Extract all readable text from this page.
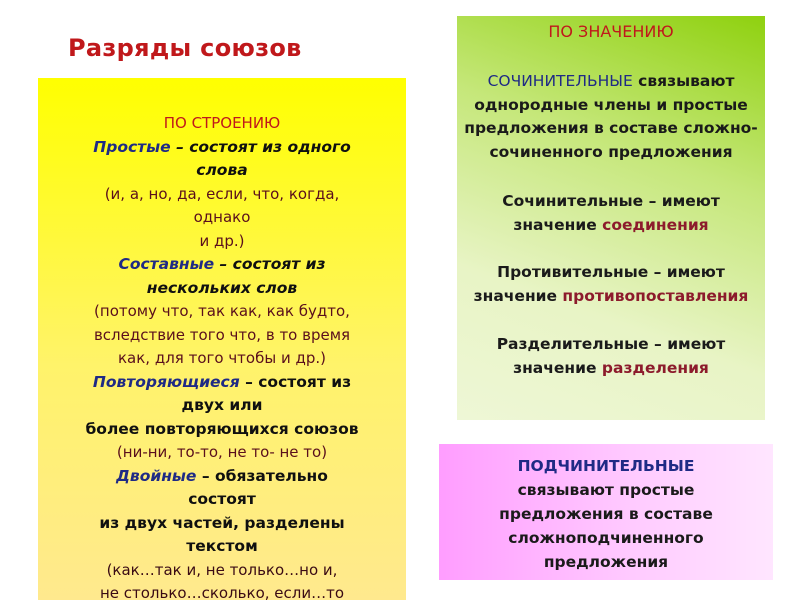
Разряды союзов
ПО СТРОЕНИЮ
Простые – состоят из одного
слова
(и, а, но, да, если, что, когда,
однако
и др.)
Составные – состоят из
нескольких слов
(потому что, так как, как будто,
вследствие того что, в то время
как, для того чтобы и др.)
Повторяющиеся – состоят из
двух или
более повторяющихся союзов
(ни-ни, то-то, не то- не то)
Двойные – обязательно
состоят
из двух частей, разделены
текстом
(как…так и, не только…но и,
не столько…сколько, если…то
ПО ЗНАЧЕНИЮ
СОЧИНИТЕЛЬНЫЕ связывают
однородные члены и простые
предложения в составе сложно-
сочиненного предложения
Сочинительные – имеют
значение соединения
Противительные – имеют
значение противопоставления
Разделительные – имеют
значение разделения
ПОДЧИНИТЕЛЬНЫЕ
связывают простые
предложения в составе
сложноподчиненного
предложения
